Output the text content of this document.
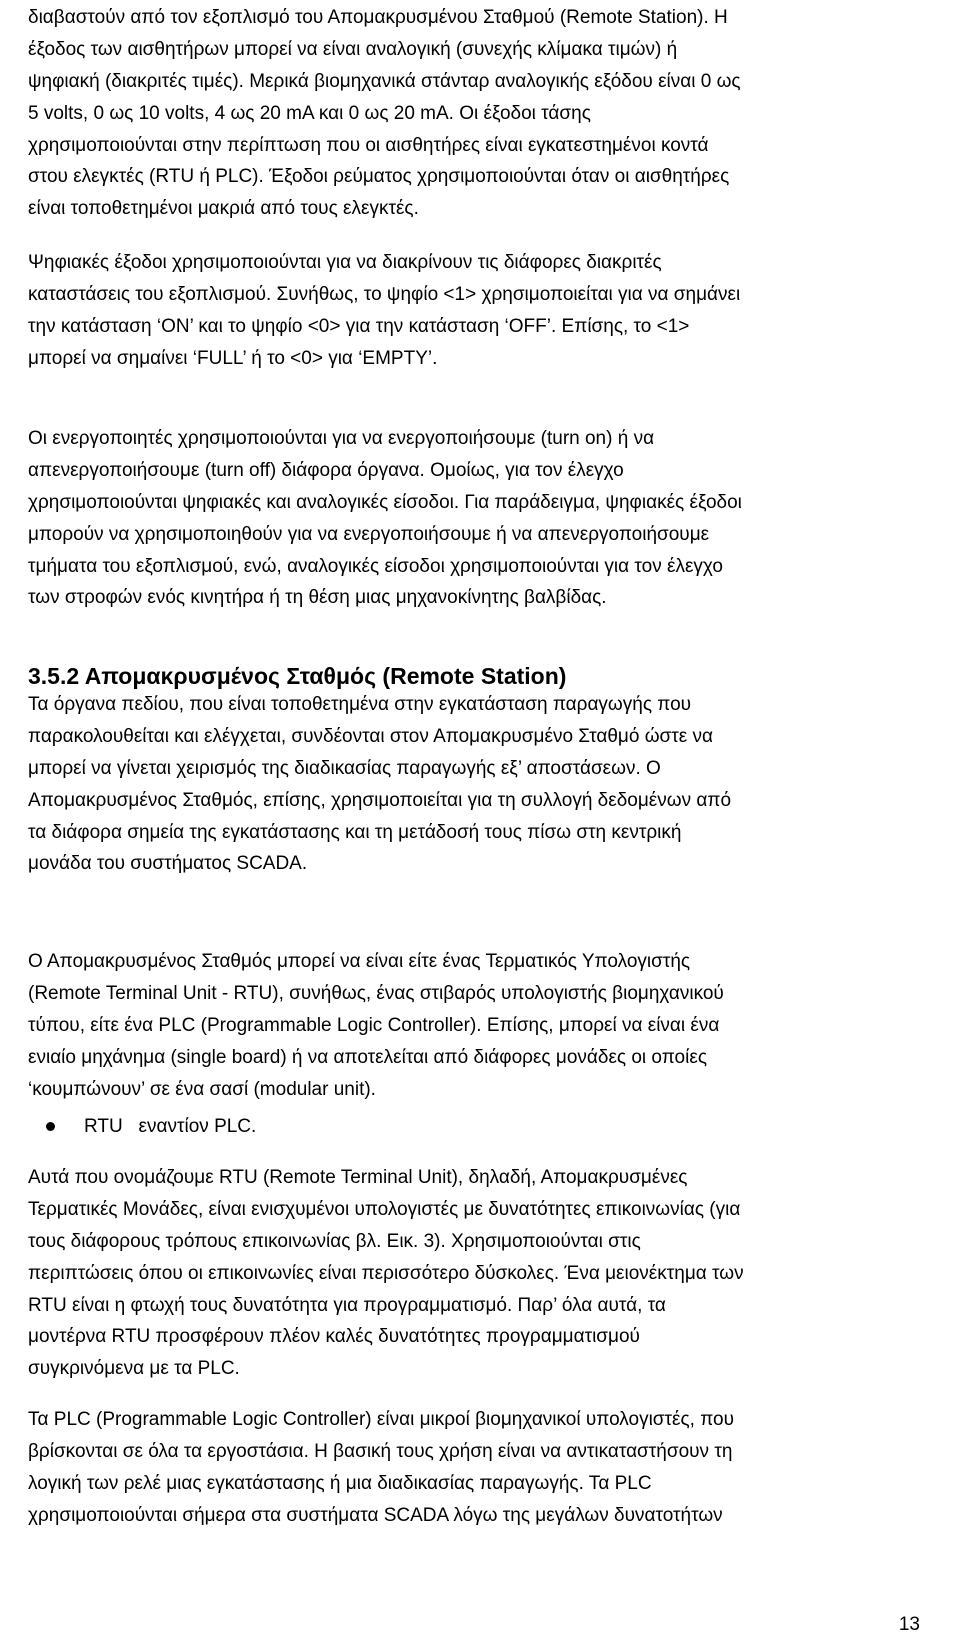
διαβαστούν από τον εξοπλισμό του Απομακρυσμένου Σταθμού (Remote Station). Η
έξοδος των αισθητήρων μπορεί να είναι αναλογική (συνεχής κλίμακα τιμών) ή
ψηφιακή (διακριτές τιμές). Μερικά βιομηχανικά στάνταρ αναλογικής εξόδου είναι 0 ως
5 volts, 0 ως 10 volts, 4 ως 20 mA και 0 ως 20 mA. Οι έξοδοι τάσης
χρησιμοποιούνται στην περίπτωση που οι αισθητήρες είναι εγκατεστημένοι κοντά
στου ελεγκτές (RTU ή PLC). Έξοδοι ρεύματος χρησιμοποιούνται όταν οι αισθητήρες
είναι τοποθετημένοι μακριά από τους ελεγκτές.
Ψηφιακές έξοδοι χρησιμοποιούνται για να διακρίνουν τις διάφορες διακριτές
καταστάσεις του εξοπλισμού. Συνήθως, το ψηφίο <1> χρησιμοποιείται για να σημάνει
την κατάσταση ‘ON’ και το ψηφίο <0> για την κατάσταση ‘OFF’. Επίσης, το <1>
μπορεί να σημαίνει ‘FULL’ ή το <0> για ‘EMPTY’.
Οι ενεργοποιητές χρησιμοποιούνται για να ενεργοποιήσουμε (turn on) ή να
απενεργοποιήσουμε (turn off) διάφορα όργανα. Ομοίως, για τον έλεγχο
χρησιμοποιούνται ψηφιακές και αναλογικές είσοδοι. Για παράδειγμα, ψηφιακές έξοδοι
μπορούν να χρησιμοποιηθούν για να ενεργοποιήσουμε ή να απενεργοποιήσουμε
τμήματα του εξοπλισμού, ενώ, αναλογικές είσοδοι χρησιμοποιούνται για τον έλεγχο
των στροφών ενός κινητήρα ή τη θέση μιας μηχανοκίνητης βαλβίδας.
3.5.2 Απομακρυσμένος Σταθμός (Remote Station)
Τα όργανα πεδίου, που είναι τοποθετημένα στην εγκατάσταση παραγωγής που
παρακολουθείται και ελέγχεται, συνδέονται στον Απομακρυσμένο Σταθμό ώστε να
μπορεί να γίνεται χειρισμός της διαδικασίας παραγωγής εξ’ αποστάσεων. Ο
Απομακρυσμένος Σταθμός, επίσης, χρησιμοποιείται για τη συλλογή δεδομένων από
τα διάφορα σημεία της εγκατάστασης και τη μετάδοσή τους πίσω στη κεντρική
μονάδα του συστήματος SCADA.
Ο Απομακρυσμένος Σταθμός μπορεί να είναι είτε ένας Τερματικός Υπολογιστής
(Remote Terminal Unit - RTU), συνήθως, ένας στιβαρός υπολογιστής βιομηχανικού
τύπου, είτε ένα PLC (Programmable Logic Controller). Επίσης, μπορεί να είναι ένα
ενιαίο μηχάνημα (single board) ή να αποτελείται από διάφορες μονάδες οι οποίες
‘κουμπώνουν’ σε ένα σασί (modular unit).
RTU   εναντίον PLC.
Αυτά που ονομάζουμε RTU (Remote Terminal Unit), δηλαδή, Απομακρυσμένες
Τερματικές Μονάδες, είναι ενισχυμένοι υπολογιστές με δυνατότητες επικοινωνίας (για
τους διάφορους τρόπους επικοινωνίας βλ. Εικ. 3). Χρησιμοποιούνται στις
περιπτώσεις όπου οι επικοινωνίες είναι περισσότερο δύσκολες. Ένα μειονέκτημα των
RTU είναι η φτωχή τους δυνατότητα για προγραμματισμό. Παρ’ όλα αυτά, τα
μοντέρνα RTU προσφέρουν πλέον καλές δυνατότητες προγραμματισμού
συγκρινόμενα με τα PLC.
Τα PLC (Programmable Logic Controller) είναι μικροί βιομηχανικοί υπολογιστές, που
βρίσκονται σε όλα τα εργοστάσια. Η βασική τους χρήση είναι να αντικαταστήσουν τη
λογική των ρελέ μιας εγκατάστασης ή μια διαδικασίας παραγωγής. Τα PLC
χρησιμοποιούνται σήμερα στα συστήματα SCADA λόγω της μεγάλων δυνατοτήτων
13
